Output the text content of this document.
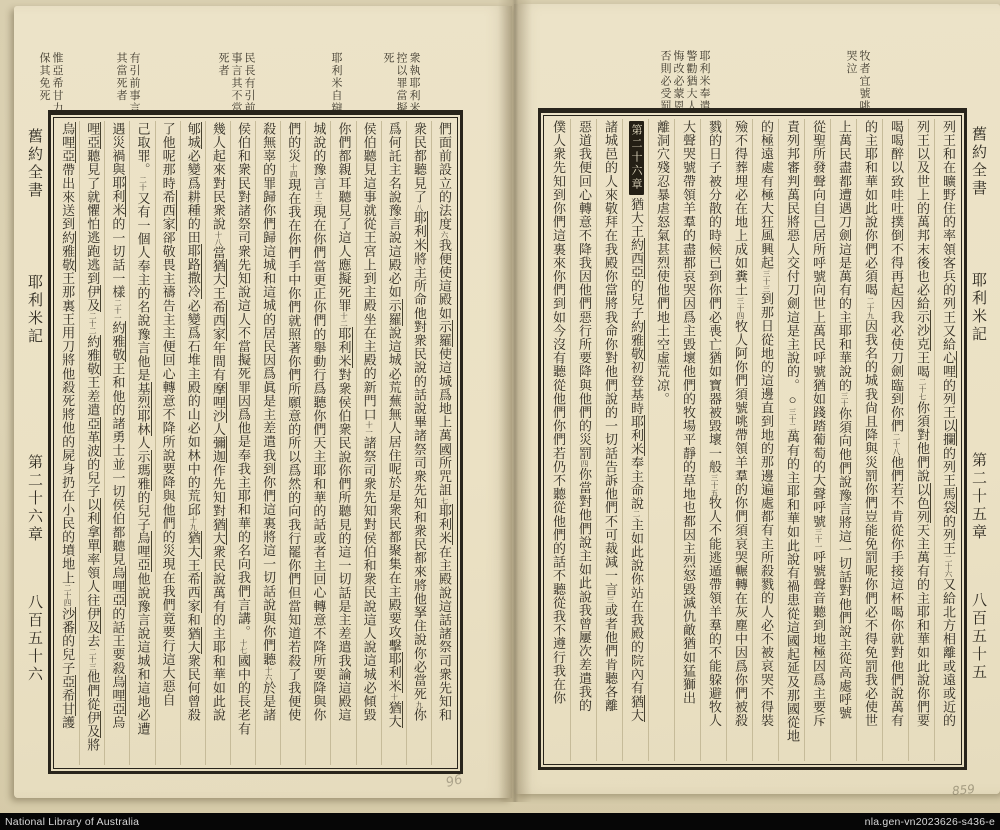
衆執耶利米控以罪當擬死
耶利米自辯
民長有引前事言其不當死者
有引前事言其當死者
惟亞希甘力保其免死
舊約全書
耶利米記
第二十六章
八百五十六
們面前設立的法度六我便使這殿如示羅使這城爲地上萬國所咒詛七耶利米在主殿說這話諸祭司衆先知和
衆民都聽見了八耶利米將主所命他對衆民說的話說畢諸祭司衆先知和衆民都來將他拏住說你必當死九你
爲何託主名說豫言說這殿必如示羅說這城必荒蕪無人居住呢於是衆民都聚集在主殿要攻擊耶利米十猶大
侯伯聽見這事就從王宮上到主殿坐在主殿的新門口十一諸祭司衆先知對侯伯和衆民說這人說這城必傾毀
你們都親耳聽見了這人應擬死罪十二耶利米對衆侯伯衆民說你們所聽見的這一切話是主差遣我論這殿這
城說的豫言十三現在你們當更正你們的舉動行爲聽你們天主耶和華的話或者主回心轉意不降所要降與你
們的災十四現在我在你們手中你們就照著你們所願意的所以爲然的向我行罷你們但當知道若殺了我便使
殺無辜的罪歸你們歸這城和這城的居民因爲眞是主差遣我到你們這裏將這一切話說與你們聽十六於是諸
侯伯和衆民對諸祭司衆先知說這人不當擬死罪因爲他是奉我主耶和華的名向我們言講。十七國中的長老有
幾人起來對民衆說十八當猶大王希西家年間有摩哩沙人彌迦作先知對猶大衆民說萬有的主耶和華如此說
郇城必變爲耕種的田耶路撒冷必變爲石堆主殿的山必如林中的荒邱十九猶大王希西家和猶大衆民何曾殺
了他呢那時希西家郤敬畏主禱告主主便回心轉意不降所說要降與他們的災現在我們竟要行這大惡自
己取罪。二十又有一個人奉主的名說豫言他是基烈耶林人示瑪雅的兒子烏哩亞他說豫言說這城和這地必遭
遇災禍與耶利米的一切話一樣二十一約雅敬王和他的諸勇士並一切侯伯都聽見烏哩亞的話王要殺烏哩亞烏
哩亞聽見了就懼怕逃跑逃到伊及二十二約雅敬王差遣亞革波的兒子以利拿單率領人往伊及去二十三他們從伊及將
烏哩亞帶出來送到約雅敬王那裏王用刀將他殺死將他的屍身扔在小民的墳地上二十四沙番的兒子亞希甘護
牧者宜號咷哭泣
耶利米奉遣警勸猶大人悔改必蒙恩否則必受罰
舊約全書
耶利米記
第二十五章
八百五十五
列王和在曠野住的率領客兵的列王又給心哩的列王以攔的列王馬袋的列王二十六又給北方相離或遠或近的
列王以及世上的萬邦末後也必給示沙克王喝二十七你須對他們說以色列天主萬有的主耶和華如此說你們要
喝喝醉以致哇吐撲倒不得再起因我必使刀劍臨到你們二十八他們若不肯從你手接這杯喝你就對他們說萬有
的主耶和華如此說你們必須喝二十九因我名的城我尙且降與災罰你們豈能免罰呢你們必不得免罰我必使世
上萬民盡都遭遇刀劍這是萬有的主耶和華說的三十你須向他們說豫言將這一切話對他們說主從高處呼號
從聖所發聲向自己居所呼號向世上萬民呼號猶如踐踏葡萄的大聲呼號三十一呼號聲音聽到地極因爲主要斥
責列邦審判萬民將惡人交付刀劍這是主說的。○三十二萬有的主耶和華如此說有禍患從這國起延及那國從地
的極遠處有極大狂風興起三十三到那日從地的這邊直到地的那邊遍處都有主所殺戮的人必不被哀哭不得裝
殮不得葬埋必在地上成如糞土三十四牧人阿你們須號咷帶領羊羣的你們須哀哭輾轉在灰塵中因爲你們被殺
戮的日子被分散的時候已到你們必喪亡猶如寶器被毀壞一般三十五牧人不能逃遁帶領羊羣的不能躱避牧人
大聲哭號帶領羊羣的盡都哀哭因爲主毀壞他們的牧場平靜的草地也都因主烈怒毀滅仇敵猶如猛獅出
離洞穴殘忍暴虐怒氣甚烈使他們地土空虛荒凉。
第二十六章猶大王約西亞的兒子約雅敬初登基時耶利米奉主命說二主如此說你站在我殿的院內有猶大
諸城邑的人來敬拜在我殿你當將我命你對他們說的一切話告訴他們不可裁減一言三或者他們肯聽各離
惡道我便回心轉意不降我因他們惡行所要降與他們的災罰四你當對他們說主如此說我曾屢次差遣我的
僕人衆先知到你們這裏來你們到如今沒有聽從他們你們若仍不聽從他們的話不聽從我不遵行我在你
96	859
National Library of Australia	nla.gen-vn2023626-s436-e
